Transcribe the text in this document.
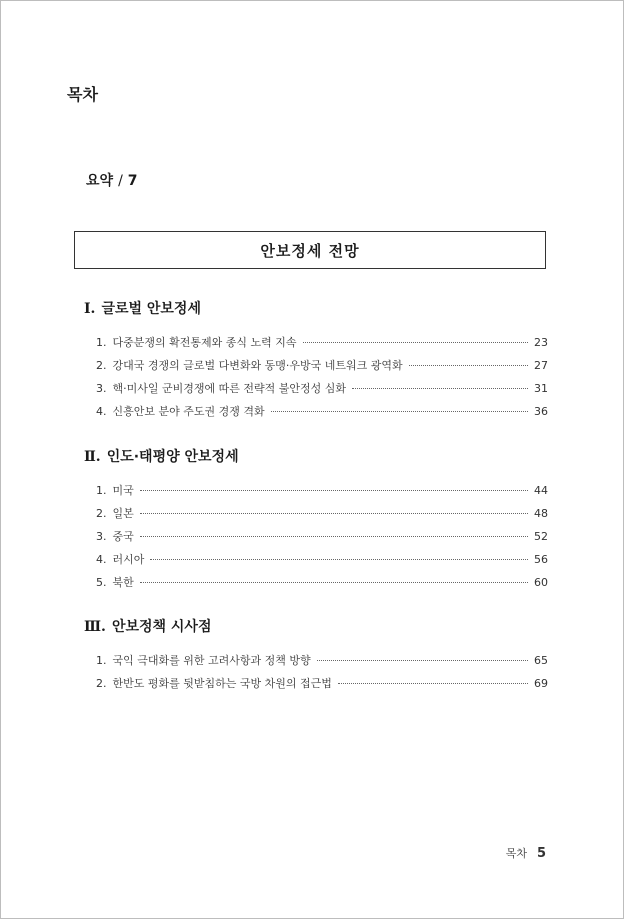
목차
요약 / 7
안보정세 전망
Ⅰ. 글로벌 안보정세
1. 다중분쟁의 확전통제와 종식 노력 지속	23
2. 강대국 경쟁의 글로벌 다변화와 동맹·우방국 네트워크 광역화	27
3. 핵·미사일 군비경쟁에 따른 전략적 불안정성 심화	31
4. 신흥안보 분야 주도권 경쟁 격화	36
Ⅱ. 인도·태평양 안보정세
1. 미국	44
2. 일본	48
3. 중국	52
4. 러시아	56
5. 북한	60
Ⅲ. 안보정책 시사점
1. 국익 극대화를 위한 고려사항과 정책 방향	65
2. 한반도 평화를 뒷받침하는 국방 차원의 접근법	69
목차 5
